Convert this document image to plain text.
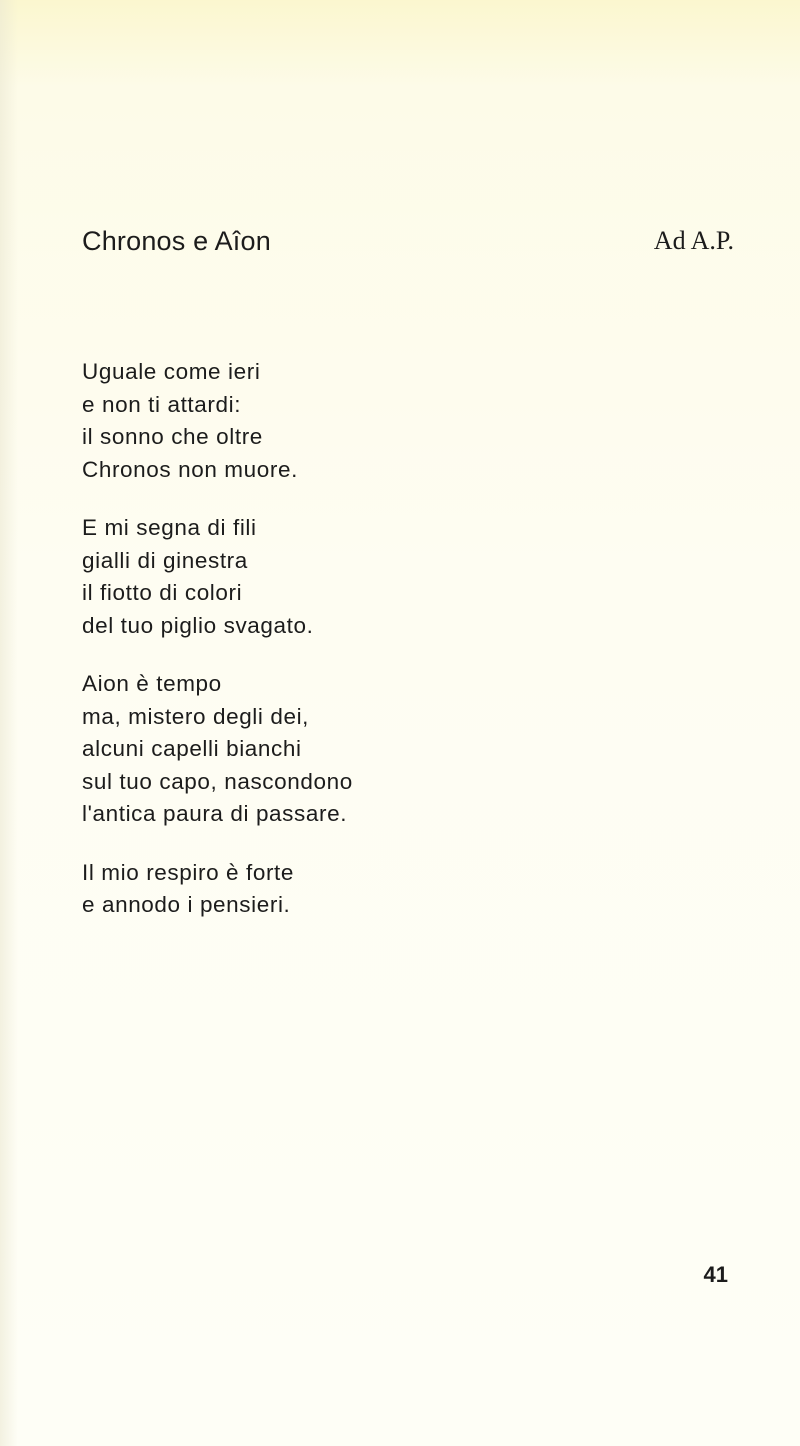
Chronos e Aîon	Ad A.P.
Uguale come ieri
e non ti attardi:
il sonno che oltre
Chronos non muore.
E mi segna di fili
gialli di ginestra
il fiotto di colori
del tuo piglio svagato.
Aion è tempo
ma, mistero degli dei,
alcuni capelli bianchi
sul tuo capo, nascondono
l'antica paura di passare.
Il mio respiro è forte
e annodo i pensieri.
41
